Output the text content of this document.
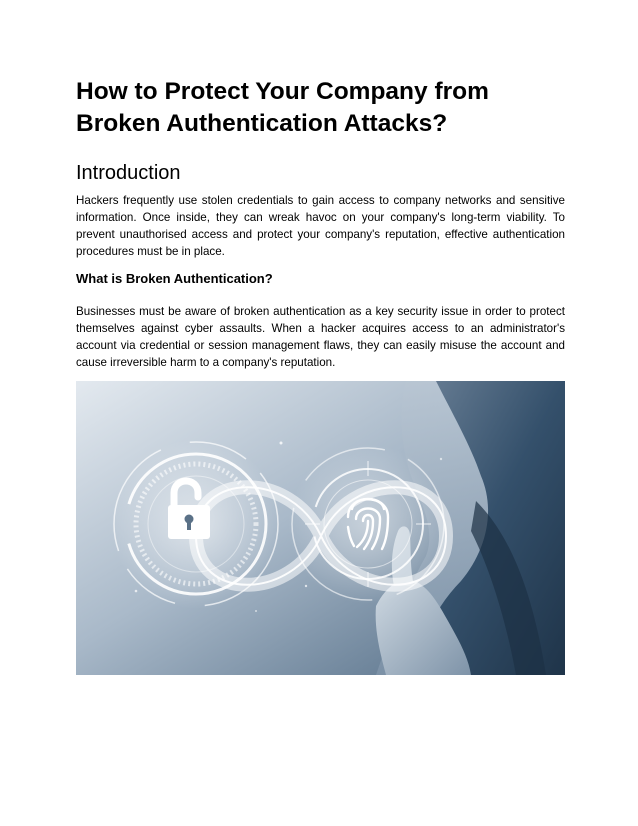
How to Protect Your Company from Broken Authentication Attacks?
Introduction

Hackers frequently use stolen credentials to gain access to company networks and sensitive information. Once inside, they can wreak havoc on your company's long-term viability. To prevent unauthorised access and protect your company's reputation, effective authentication procedures must be in place.

What is Broken Authentication?

Businesses must be aware of broken authentication as a key security issue in order to protect themselves against cyber assaults. When a hacker acquires access to an administrator's account via credential or session management flaws, they can easily misuse the account and cause irreversible harm to a company's reputation.
